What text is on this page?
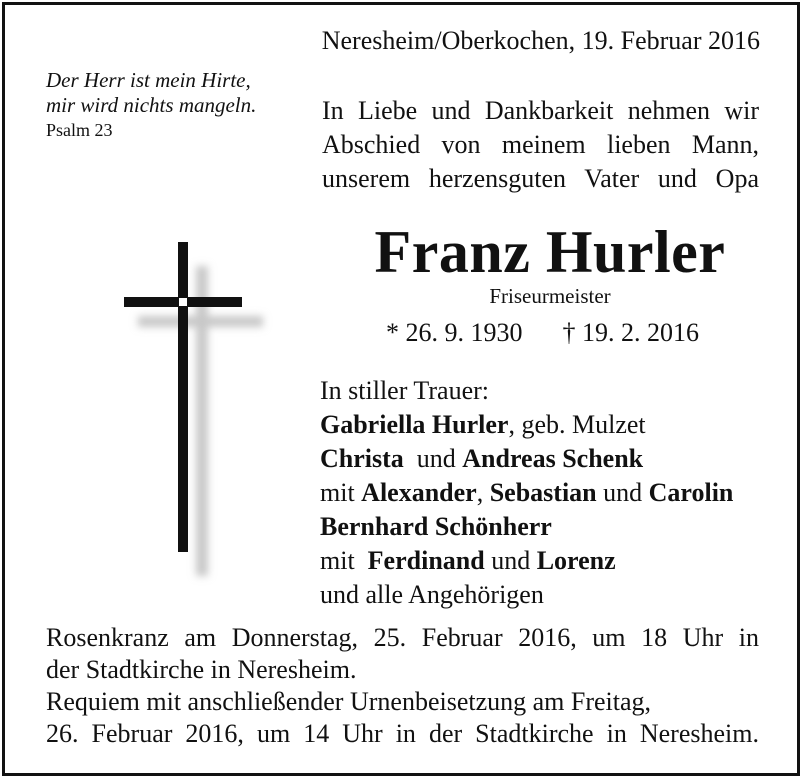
Neresheim/Oberkochen, 19. Februar 2016
Der Herr ist mein Hirte,
mir wird nichts mangeln.
Psalm 23
In Liebe und Dankbarkeit nehmen wir
Abschied von meinem lieben Mann,
unserem herzensguten Vater und Opa
Franz Hurler
Friseurmeister
* 26. 9. 1930 † 19. 2. 2016
In stiller Trauer:
Gabriella Hurler, geb. Mulzet
Christa und Andreas Schenk
mit Alexander, Sebastian und Carolin
Bernhard Schönherr
mit Ferdinand und Lorenz
und alle Angehörigen
Rosenkranz am Donnerstag, 25. Februar 2016, um 18 Uhr in
der Stadtkirche in Neresheim.
Requiem mit anschließender Urnenbeisetzung am Freitag,
26. Februar 2016, um 14 Uhr in der Stadtkirche in Neresheim.
